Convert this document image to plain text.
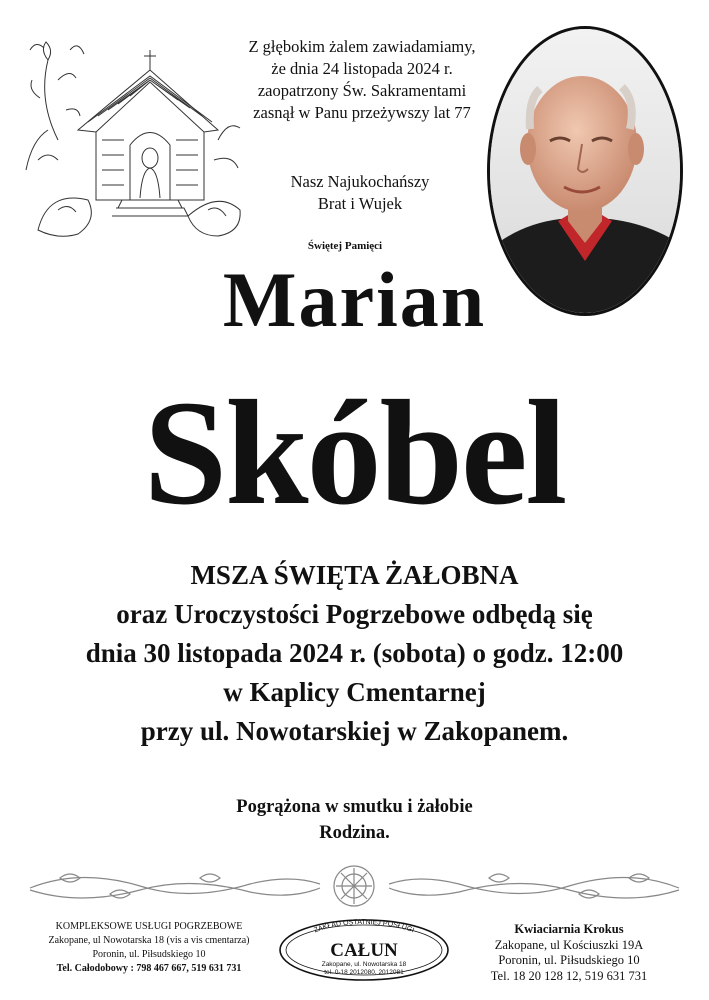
Z głębokim żalem zawiadamiamy,
że dnia 24 listopada 2024 r.
zaopatrzony Św. Sakramentami
zasnął w Panu przeżywszy lat 77
Nasz Najukochańszy
Brat i Wujek
Świętej Pamięci
Marian
Skóbel
MSZA ŚWIĘTA ŻAŁOBNA
oraz Uroczystości Pogrzebowe odbędą się
dnia 30 listopada 2024 r. (sobota) o godz. 12:00
w Kaplicy Cmentarnej
przy ul. Nowotarskiej w Zakopanem.
Pogrążona w smutku i żałobie
Rodzina.
KOMPLEKSOWE USŁUGI POGRZEBOWE
Zakopane, ul Nowotarska 18 (vis a vis cmentarza)
Poronin, ul. Piłsudskiego 10
Tel. Całodobowy : 798 467 667, 519 631 731
ZAKŁAD OSTATNIEJ POSŁUGI
CAŁUN
Zakopane, ul. Nowotarska 18
tel. 0-18 2012080, 2012081
Kwiaciarnia Krokus
Zakopane, ul Kościuszki 19A
Poronin, ul. Piłsudskiego 10
Tel. 18 20 128 12, 519 631 731
